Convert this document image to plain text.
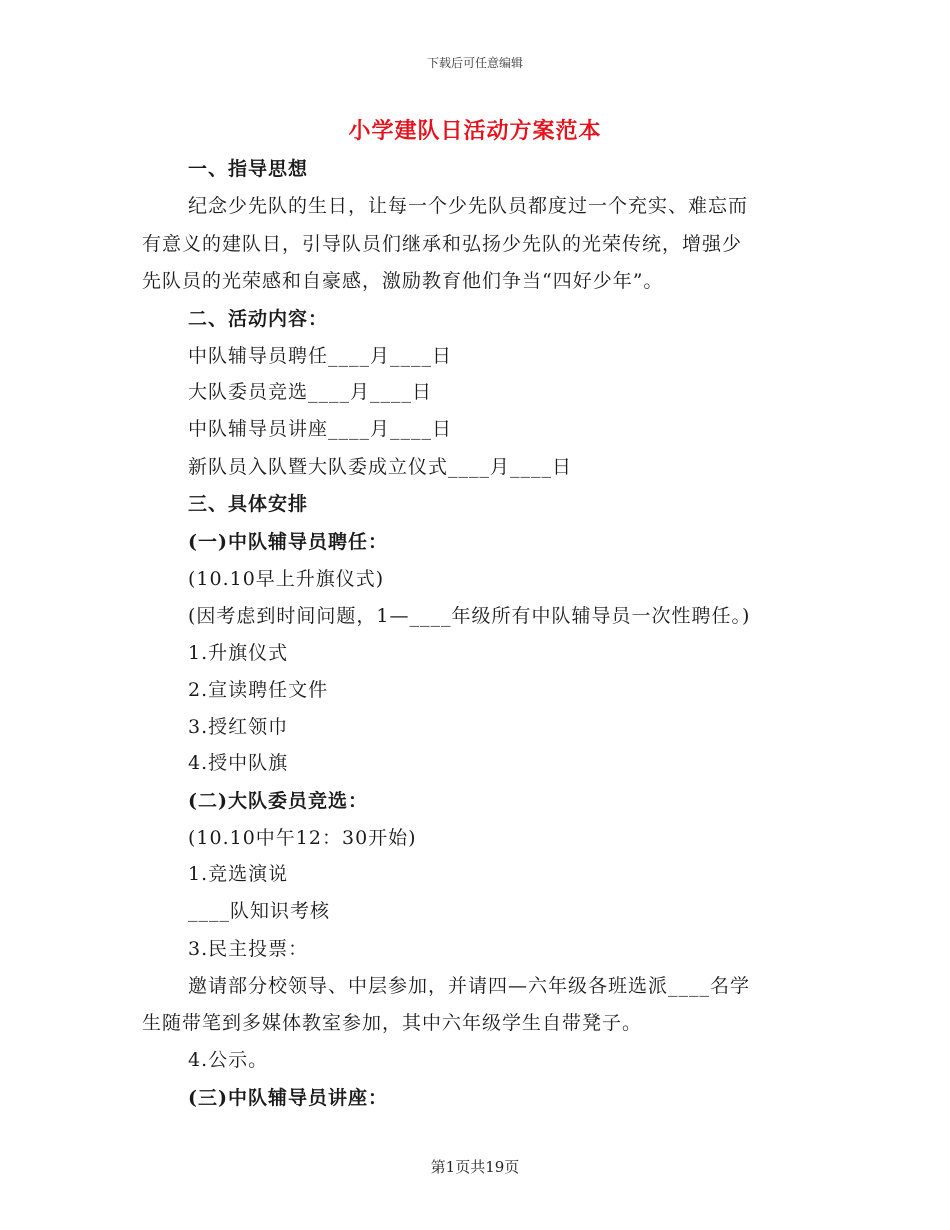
下载后可任意编辑
小学建队日活动方案范本
一、指导思想
纪念少先队的生日，让每一个少先队员都度过一个充实、难忘而
有意义的建队日，引导队员们继承和弘扬少先队的光荣传统，增强少
先队员的光荣感和自豪感，激励教育他们争当“四好少年”。
二、活动内容：
中队辅导员聘任____月____日
大队委员竞选____月____日
中队辅导员讲座____月____日
新队员入队暨大队委成立仪式____月____日
三、具体安排
(一)中队辅导员聘任：
(10.10早上升旗仪式)
(因考虑到时间问题，1—____年级所有中队辅导员一次性聘任。)
1.升旗仪式
2.宣读聘任文件
3.授红领巾
4.授中队旗
(二)大队委员竞选：
(10.10中午12：30开始)
1.竞选演说
____队知识考核
3.民主投票：
邀请部分校领导、中层参加，并请四—六年级各班选派____名学
生随带笔到多媒体教室参加，其中六年级学生自带凳子。
4.公示。
(三)中队辅导员讲座：
第1页共19页
